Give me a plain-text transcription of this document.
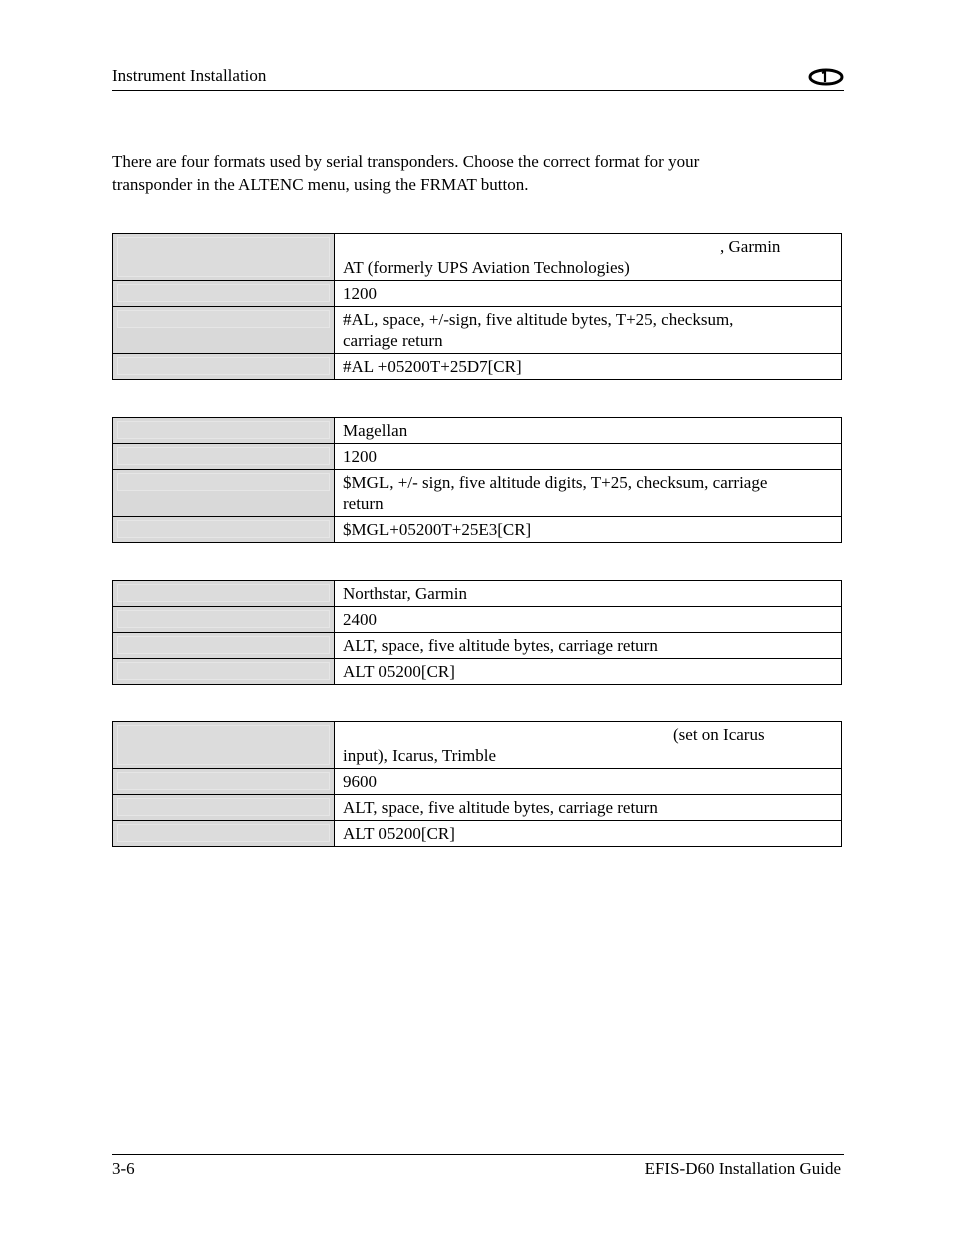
Instrument Installation

There are four formats used by serial transponders. Choose the correct format for your

transponder in the ALTENC menu, using the FRMAT button.

	, Garmin
AT (formerly UPS Aviation Technologies)

	1200

	#AL, space, +/-sign, five altitude bytes, T+25, checksum,
carriage return

	#AL +05200T+25D7[CR]
	Magellan

	1200

	$MGL, +/- sign, five altitude digits, T+25, checksum, carriage
return

	$MGL+05200T+25E3[CR]
	Northstar, Garmin

	2400

	ALT, space, five altitude bytes, carriage return

	ALT 05200[CR]

	(set on Icarus
input), Icarus, Trimble

	9600

	ALT, space, five altitude bytes, carriage return

	ALT 05200[CR]
3-6	EFIS-D60 Installation Guide
